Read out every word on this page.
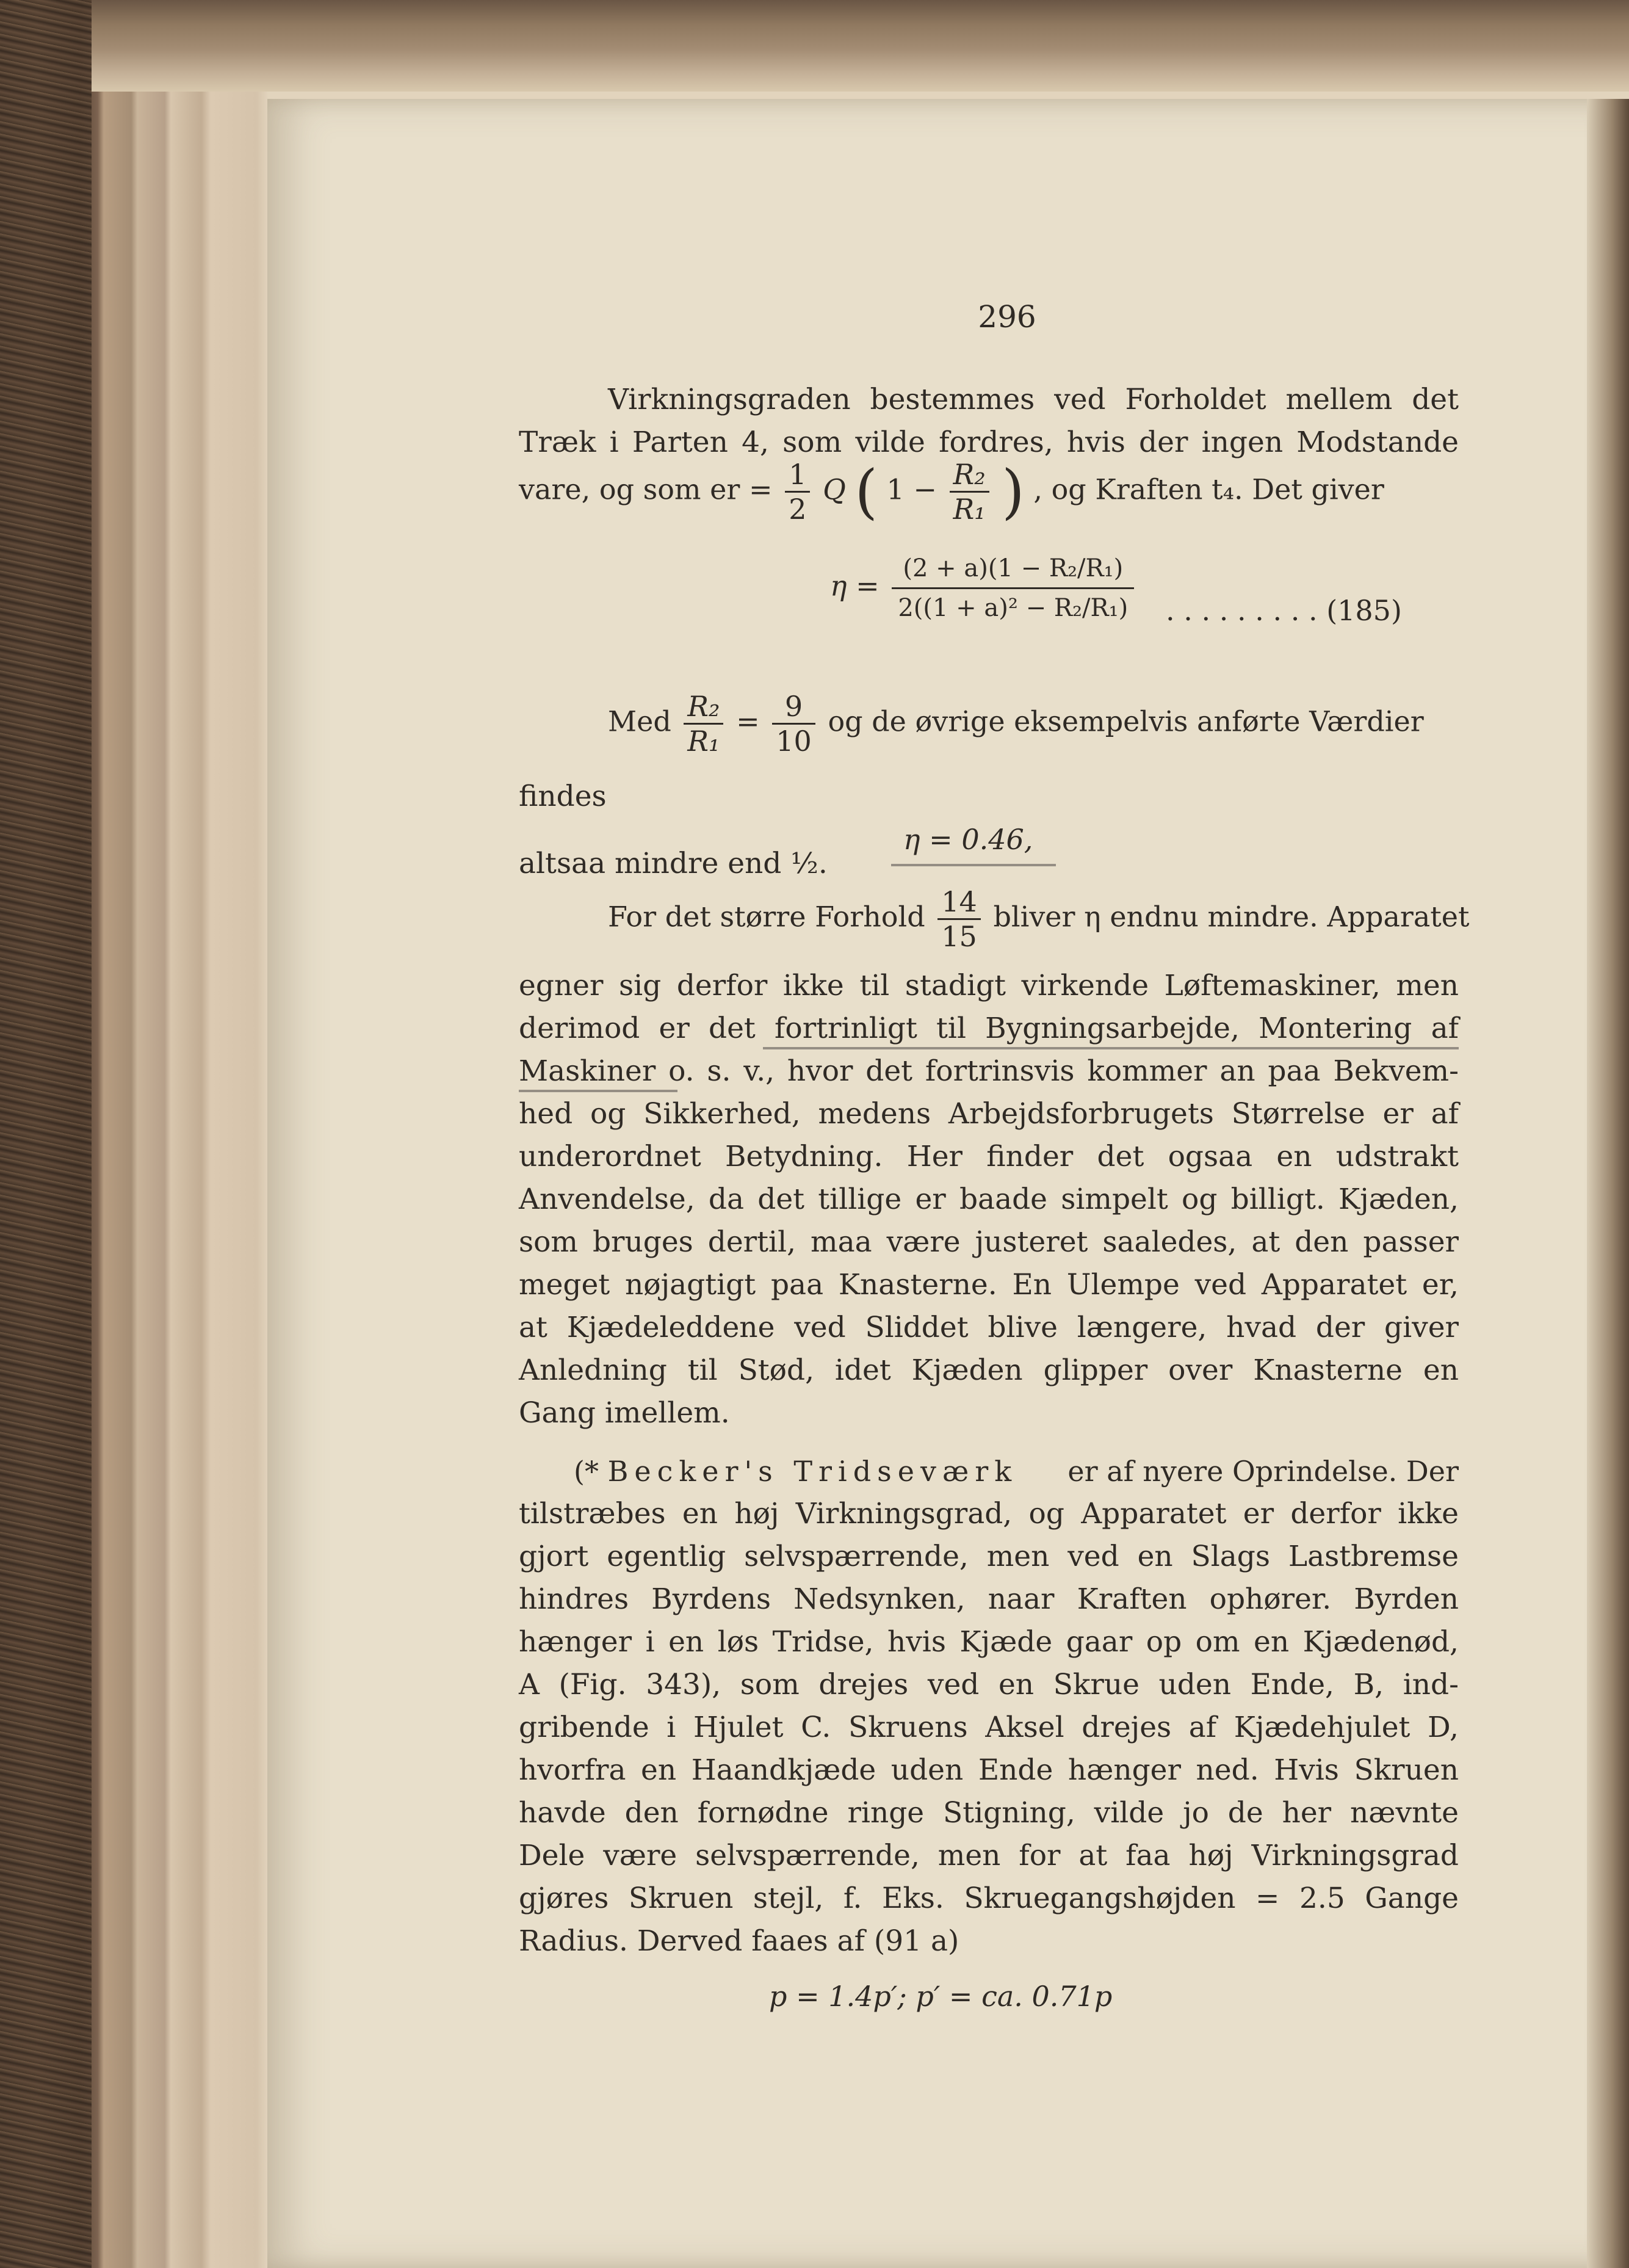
296
Virkningsgraden bestemmes ved Forholdet mellem det
Træk i Parten 4, som vilde fordres, hvis der ingen Modstande
vare, og som er = $\frac{1}{2}$ Q ( $1 - \frac{\text{R₂}}{\text{R₁}}$ ) , og Kraften t₄. Det giver
$\eta = \frac{\text{(2 + a)(1 − R₂/R₁)}}{\text{2((1 + a)² − R₂/R₁)}}$ . . . . . . . . . (185)
Med $\frac{\text{R₂}}{\text{R₁}} = \frac{9}{10}$ og de øvrige eksempelvis anførte Værdier
findes
η = 0.46,
altsaa mindre end ½.
For det større Forhold $\frac{14}{15}$ bliver η endnu mindre. Apparatet
egner sig derfor ikke til stadigt virkende Løftemaskiner, men
derimod er det fortrinligt til Bygningsarbejde, Montering af
Maskiner o. s. v., hvor det fortrinsvis kommer an paa Bekvem-
hed og Sikkerhed, medens Arbejdsforbrugets Størrelse er af
underordnet Betydning. Her finder det ogsaa en udstrakt
Anvendelse, da det tillige er baade simpelt og billigt. Kjæden,
som bruges dertil, maa være justeret saaledes, at den passer
meget nøjagtigt paa Knasterne. En Ulempe ved Apparatet er,
at Kjædeleddene ved Sliddet blive længere, hvad der giver
Anledning til Stød, idet Kjæden glipper over Knasterne en
Gang imellem.
(* Becker's Tridseværk er af nyere Oprindelse. Der
tilstræbes en høj Virkningsgrad, og Apparatet er derfor ikke
gjort egentlig selvspærrende, men ved en Slags Lastbremse
hindres Byrdens Nedsynken, naar Kraften ophører. Byrden
hænger i en løs Tridse, hvis Kjæde gaar op om en Kjædenød,
A (Fig. 343), som drejes ved en Skrue uden Ende, B, ind-
gribende i Hjulet C. Skruens Aksel drejes af Kjædehjulet D,
hvorfra en Haandkjæde uden Ende hænger ned. Hvis Skruen
havde den fornødne ringe Stigning, vilde jo de her nævnte
Dele være selvspærrende, men for at faa høj Virkningsgrad
gjøres Skruen stejl, f. Eks. Skruegangshøjden = 2.5 Gange
Radius. Derved faaes af (91 a)
p = 1.4p′; p′ = ca. 0.71p
